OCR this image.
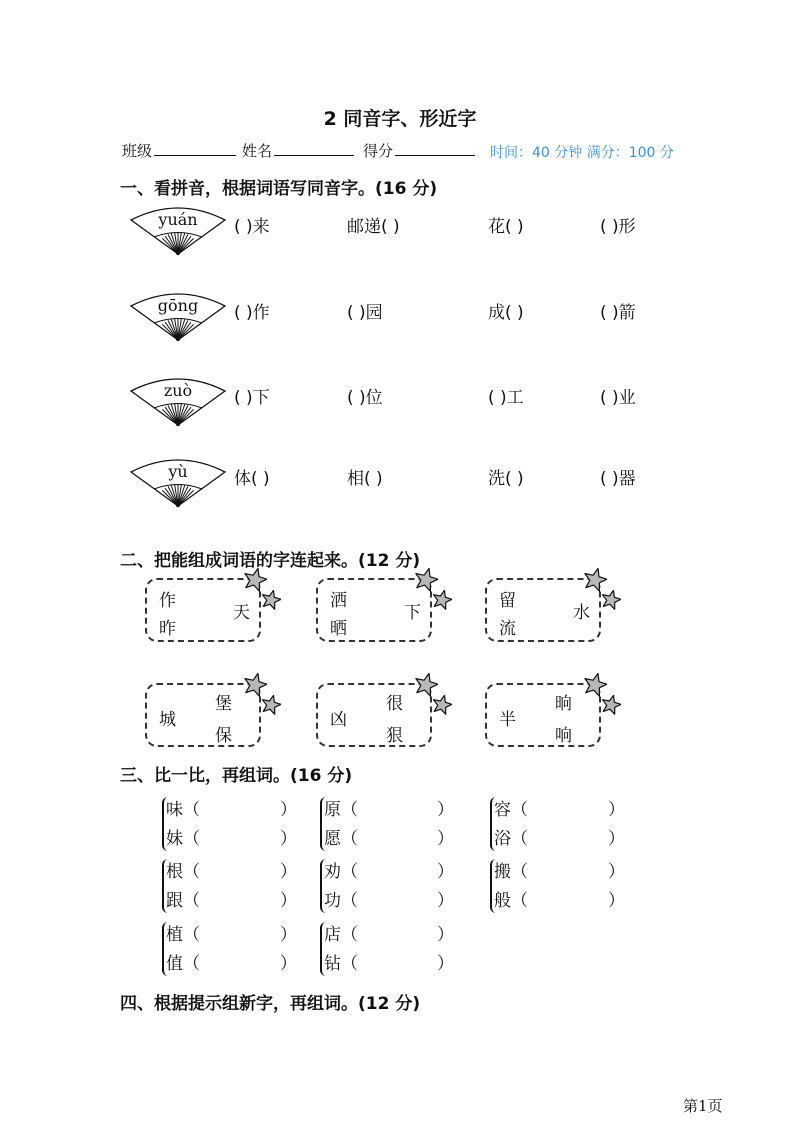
2 同音字、形近字
班级	姓名	得分	时间：40 分钟 满分：100 分
一、看拼音，根据词语写同音字。(16 分)
yuán	( )来	邮递( )	花( )	( )形
gōng	( )作	( )园	成( )	( )箭
zuò	( )下	( )位	( )工	( )业
yù	体( )	相( )	洗( )	( )器
二、把能组成词语的字连起来。(12 分)
作
昨
天
洒
晒
下
留
流
水
城
堡
保
凶
很
狠
半
晌
响
三、比一比，再组词。(16 分)
味（	）
妹（	）
原（	）
愿（	）
容（	）
浴（	）
根（	）
跟（	）
劝（	）
功（	）
搬（	）
般（	）
植（	）
值（	）
店（	）
钻（	）
四、根据提示组新字，再组词。(12 分)
第1页
